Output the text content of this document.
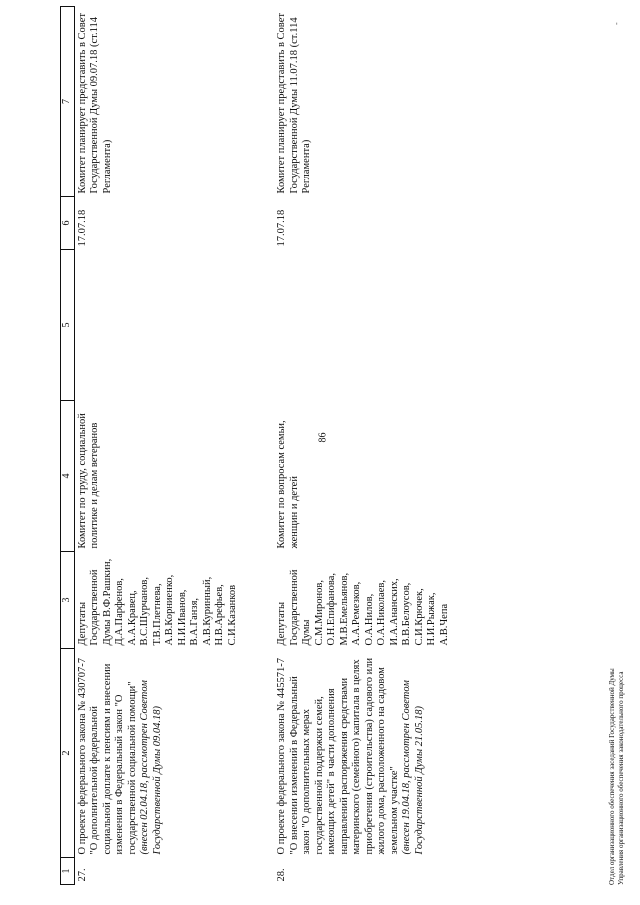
86
1	2	3	4	5	6	7
27.	О проекте федерального закона № 430707-7 "О дополнительной федеральной социальной доплате к пенсиям и внесении изменения в Федеральный закон "О государственной социальной помощи" (внесен 02.04.18, рассмотрен Советом Государственной Думы 09.04.18)	Депутаты Государственной Думы В.Ф.Рашкин, Д.А.Парфенов, А.А.Кравец, В.С.Шурчанов, Т.В.Плетнева, А.В.Корниенко, Н.И.Иванов, В.А.Ганзя, А.В.Куринный, Н.В.Арефьев, С.И.Казанков	Комитет по труду, социальной политике и делам ветеранов		17.07.18	Комитет планирует представить в Совет Государственной Думы 09.07.18 (ст.114 Регламента)
28.	О проекте федерального закона № 445571-7 "О внесении изменений в Федеральный закон "О дополнительных мерах государственной поддержки семей, имеющих детей" в части дополнения направлений распоряжения средствами материнского (семейного) капитала в целях приобретения (строительства) садового или жилого дома, расположенного на садовом земельном участке" (внесен 19.04.18, рассмотрен Советом Государственной Думы 21.05.18)	Депутаты Государственной Думы С.М.Миронов, О.Н.Епифанова, М.В.Емельянов, А.А.Ремезков, О.А.Нилов, О.А.Николаев, И.А.Ананских, В.В.Белоусов, С.И.Крючек, Н.И.Рыжак, А.В.Чепа	Комитет по вопросам семьи, женщин и детей		17.07.18	Комитет планирует представить в Совет Государственной Думы 11.07.18 (ст.114 Регламента)
Отдел организационного обеспечения заседаний Государственной Думы Управления организационного обеспечения законодательного процесса
-
